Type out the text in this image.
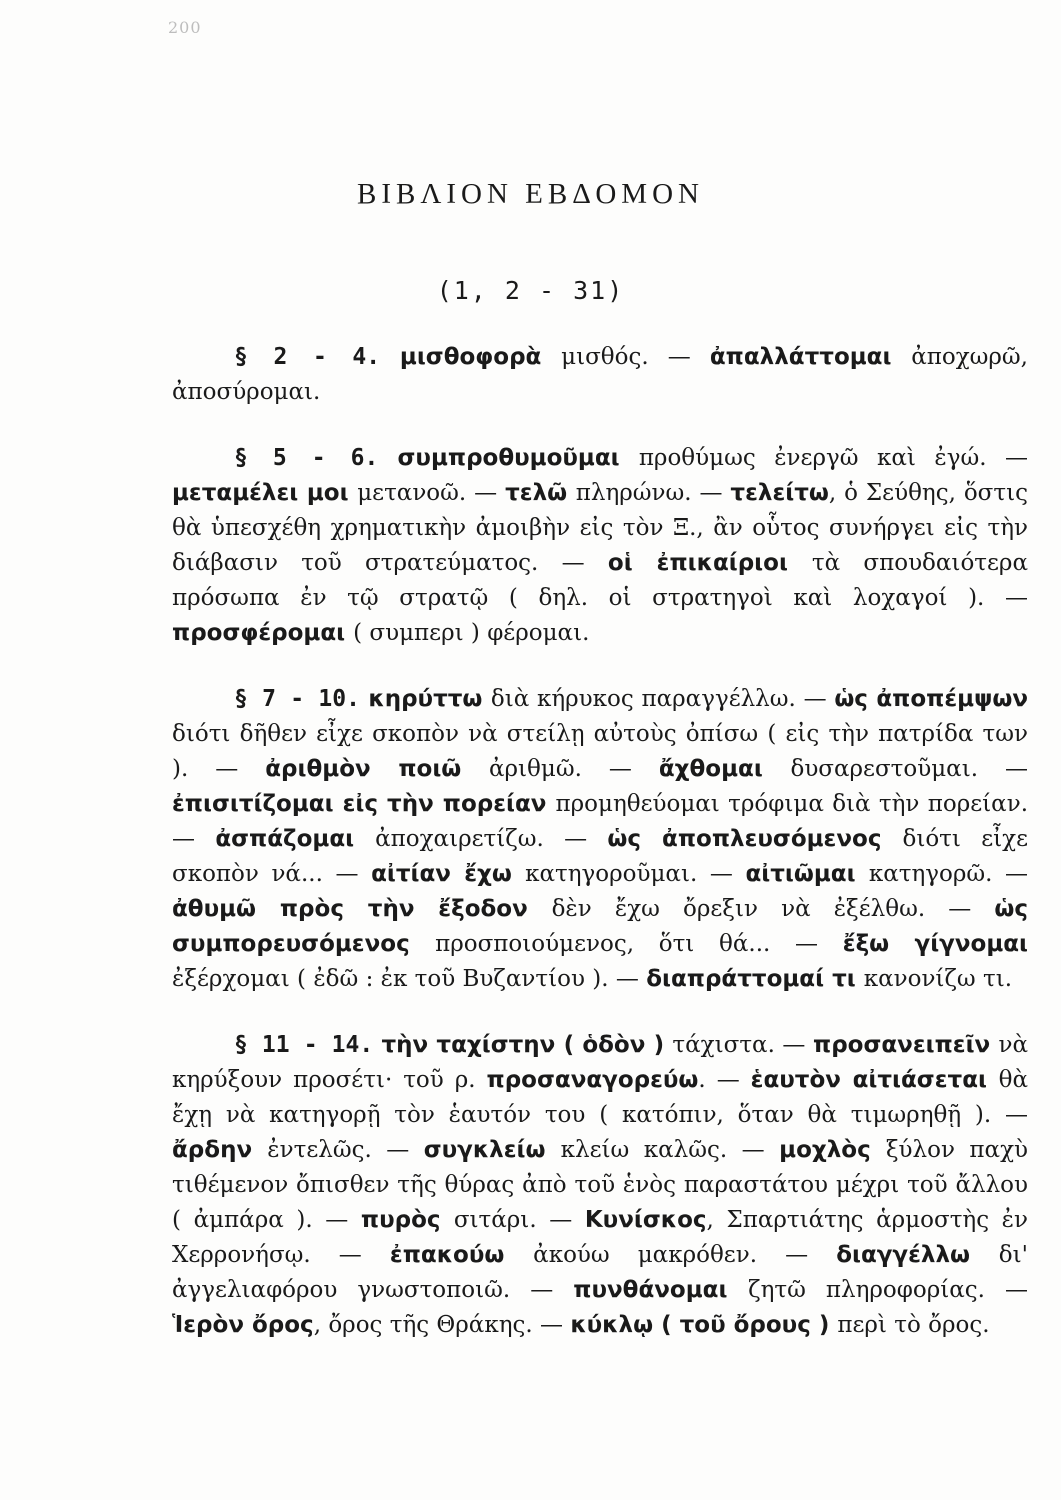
200
ΒΙΒΛΙΟΝ ΕΒΔΟΜΟΝ
(1, 2 - 31)

§ 2 - 4. μισθοφορὰ μισθός. — ἀπαλλάττομαι ἀποχωρῶ, ἀποσύρομαι.

§ 5 - 6. συμπροθυμοῦμαι προθύμως ἐνεργῶ καὶ ἐγώ. — μεταμέλει μοι μετανοῶ. — τελῶ πληρώνω. — τελείτω, ὁ Σεύθης, ὅστις θὰ ὑπεσχέθη χρηματικὴν ἀμοιβὴν εἰς τὸν Ξ., ἂν οὗτος συνήργει εἰς τὴν διάβασιν τοῦ στρατεύματος. — οἱ ἐπικαίριοι τὰ σπουδαιότερα πρόσωπα ἐν τῷ στρατῷ ( δηλ. οἱ στρατηγοὶ καὶ λοχαγοί ). — προσφέρομαι ( συμπερι ) φέρομαι.

§ 7 - 10. κηρύττω διὰ κήρυκος παραγγέλλω. — ὡς ἀποπέμψων διότι δῆθεν εἶχε σκοπὸν νὰ στείλῃ αὐτοὺς ὀπίσω ( εἰς τὴν πατρίδα των ). — ἀριθμὸν ποιῶ ἀριθμῶ. — ἄχθομαι δυσαρεστοῦμαι. — ἐπισιτίζομαι εἰς τὴν πορείαν προμηθεύομαι τρόφιμα διὰ τὴν πορείαν. — ἀσπάζομαι ἀποχαιρετίζω. — ὡς ἀποπλευσόμενος διότι εἶχε σκοπὸν νά... — αἰτίαν ἔχω κατηγοροῦμαι. — αἰτιῶμαι κατηγορῶ. — ἀθυμῶ πρὸς τὴν ἔξοδον δὲν ἔχω ὄρεξιν νὰ ἐξέλθω. — ὡς συμπορευσόμενος προσποιούμενος, ὅτι θά... — ἔξω γίγνομαι ἐξέρχομαι ( ἐδῶ : ἐκ τοῦ Βυζαντίου ). — διαπράττομαί τι κανονίζω τι.

§ 11 - 14. τὴν ταχίστην ( ὁδὸν ) τάχιστα. — προσανειπεῖν νὰ κηρύξουν προσέτι· τοῦ ρ. προσαναγορεύω. — ἑαυτὸν αἰτιάσεται θὰ ἔχῃ νὰ κατηγορῇ τὸν ἑαυτόν του ( κατόπιν, ὅταν θὰ τιμωρηθῇ ). — ἄρδην ἐντελῶς. — συγκλείω κλείω καλῶς. — μοχλὸς ξύλον παχὺ τιθέμενον ὄπισθεν τῆς θύρας ἀπὸ τοῦ ἑνὸς παραστάτου μέχρι τοῦ ἄλλου ( ἀμπάρα ). — πυρὸς σιτάρι. — Κυνίσκος, Σπαρτιάτης ἁρμοστὴς ἐν Χερρονήσῳ. — ἐπακούω ἀκούω μακρόθεν. — διαγγέλλω δι' ἀγγελιαφόρου γνωστοποιῶ. — πυνθάνομαι ζητῶ πληροφορίας. — Ἱερὸν ὄρος, ὄρος τῆς Θράκης. — κύκλῳ ( τοῦ ὄρους ) περὶ τὸ ὄρος.
